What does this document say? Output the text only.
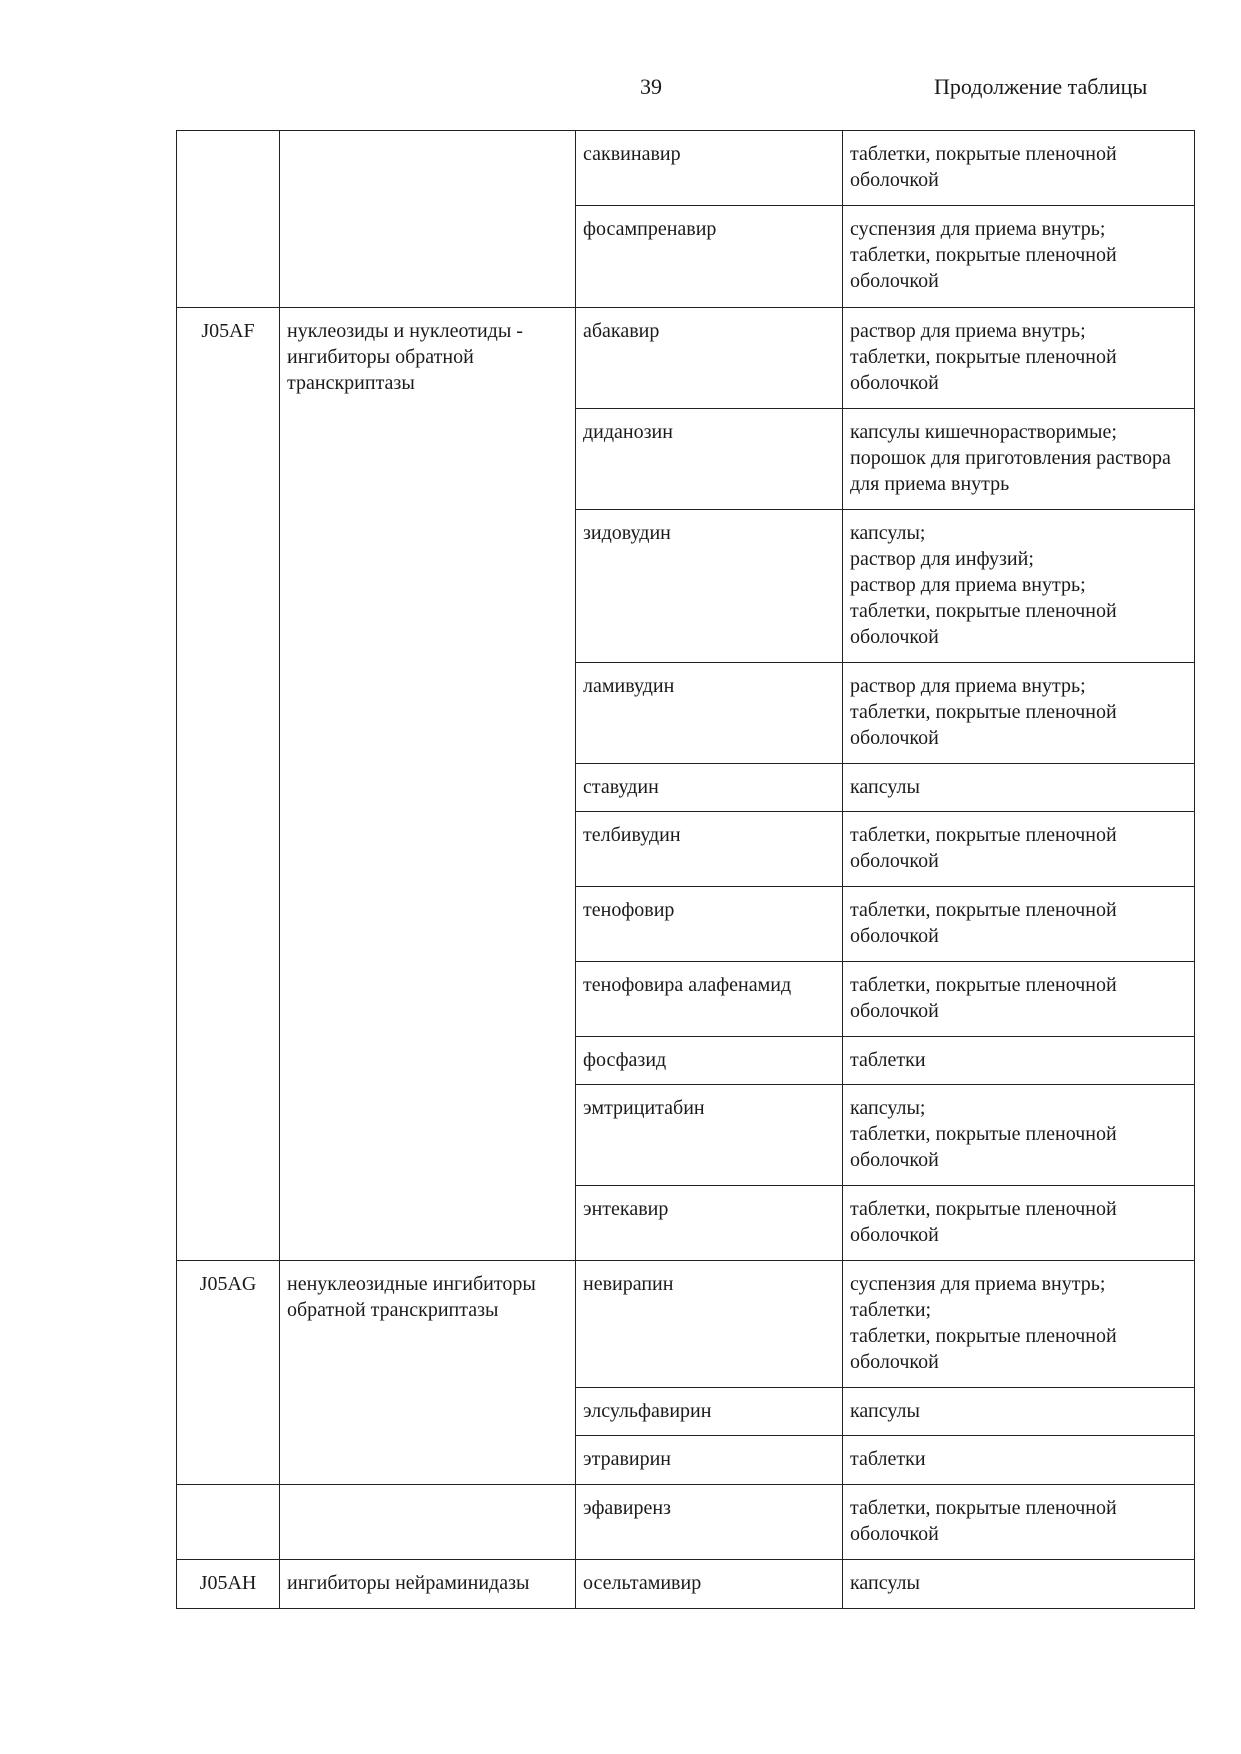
39	Продолжение таблицы
		саквинавир	таблетки, покрытые пленочной оболочкой

		фосампренавир	суспензия для приема внутрь;
таблетки, покрытые пленочной оболочкой

J05AF	нуклеозиды и нуклеотиды - ингибиторы обратной транскриптазы	абакавир	раствор для приема внутрь;
таблетки, покрытые пленочной оболочкой

		диданозин	капсулы кишечнорастворимые;
порошок для приготовления раствора для приема внутрь

		зидовудин	капсулы;
раствор для инфузий;
раствор для приема внутрь;
таблетки, покрытые пленочной оболочкой

		ламивудин	раствор для приема внутрь;
таблетки, покрытые пленочной оболочкой

		ставудин	капсулы

		телбивудин	таблетки, покрытые пленочной оболочкой

		тенофовир	таблетки, покрытые пленочной оболочкой

		тенофовира алафенамид	таблетки, покрытые пленочной оболочкой

		фосфазид	таблетки

		эмтрицитабин	капсулы;
таблетки, покрытые пленочной оболочкой

		энтекавир	таблетки, покрытые пленочной оболочкой

J05AG	ненуклеозидные ингибиторы обратной транскриптазы	невирапин	суспензия для приема внутрь;
таблетки;
таблетки, покрытые пленочной оболочкой

		элсульфавирин	капсулы

		этравирин	таблетки

		эфавиренз	таблетки, покрытые пленочной оболочкой

J05AH	ингибиторы нейраминидазы	осельтамивир	капсулы
